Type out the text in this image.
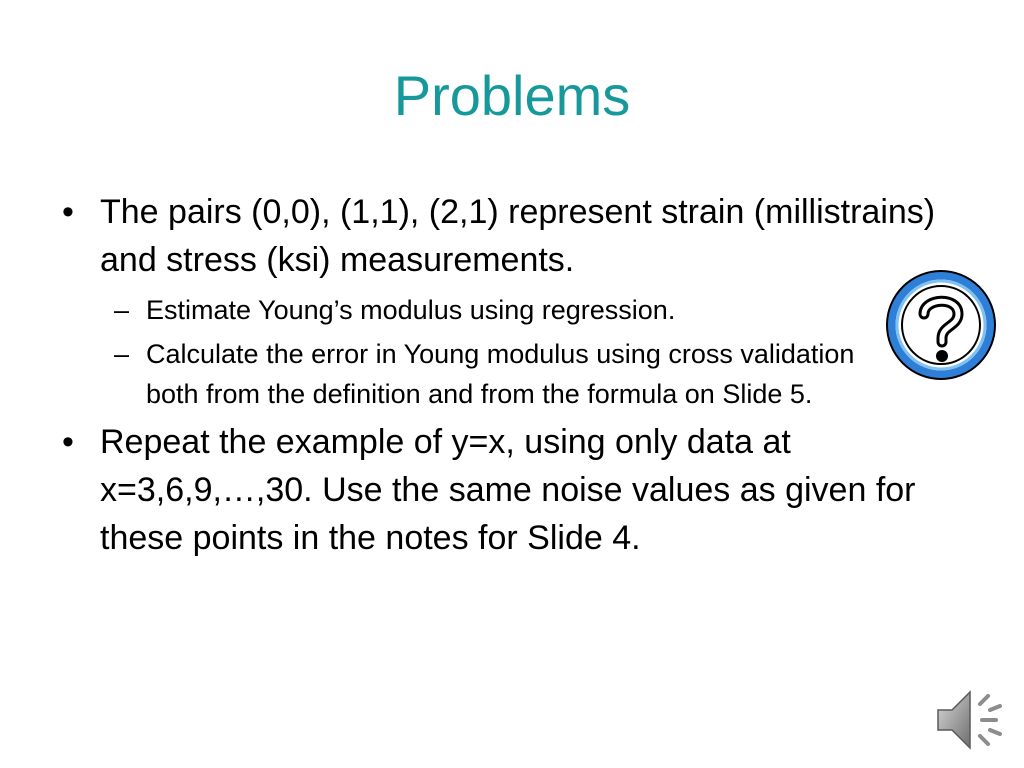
Problems
• The pairs (0,0), (1,1), (2,1) represent strain (millistrains) and stress (ksi) measurements.
– Estimate Young’s modulus using regression.
– Calculate the error in Young modulus using cross validation both from the definition and from the formula on Slide 5.
• Repeat the example of y=x, using only data at x=3,6,9,…,30. Use the same noise values as given for these points in the notes for Slide 4.
